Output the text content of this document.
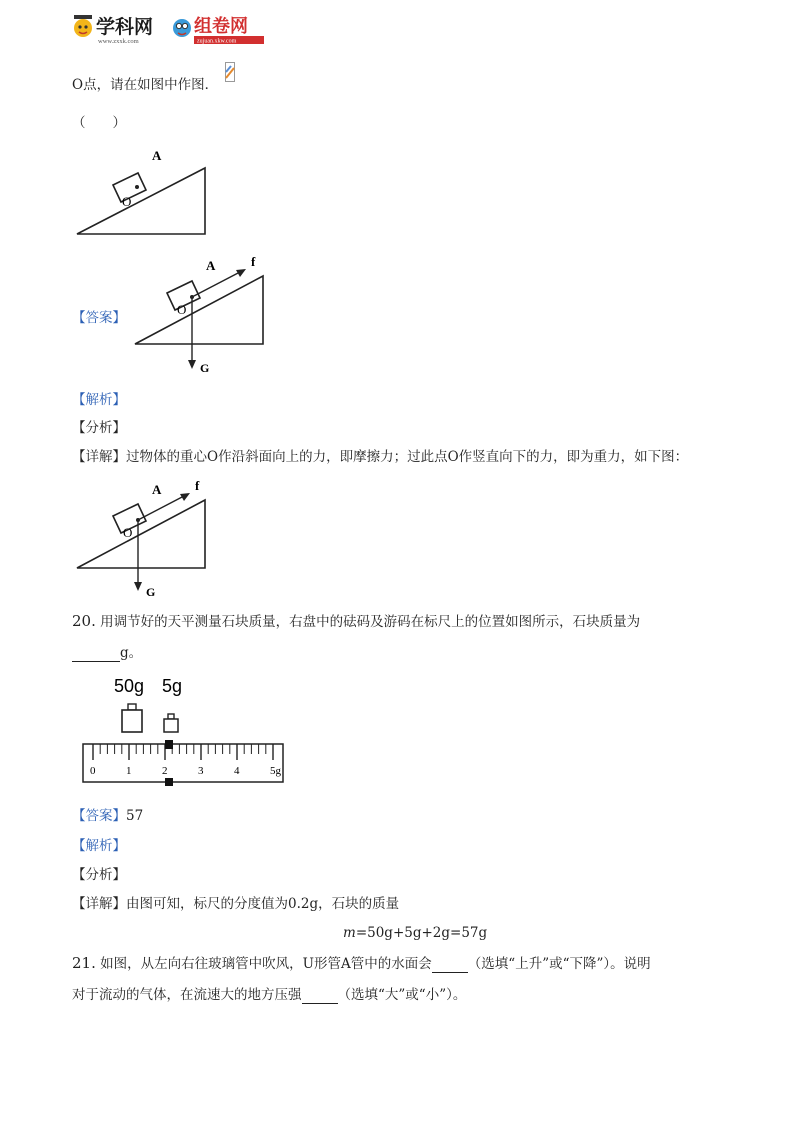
学科网
www.zxxk.com
组卷网
zujuan.xkw.com
O点，请在如图中作图．
（　　）
A
O
【答案】
A	f
O
G
【解析】
【分析】
【详解】过物体的重心O作沿斜面向上的力，即摩擦力；过此点O作竖直向下的力，即为重力，如下图：
A	f
O
G
20. 用调节好的天平测量石块质量，右盘中的砝码及游码在标尺上的位置如图所示，石块质量为
g。
50g 5g
0	1	2	3	4	5g
【答案】57
【解析】
【分析】
【详解】由图可知，标尺的分度值为0.2g，石块的质量
m=50g+5g+2g=57g
21. 如图，从左向右往玻璃管中吹风，U形管A管中的水面会	（选填“上升”或“下降”）。说明
对于流动的气体，在流速大的地方压强	（选填“大”或“小”）。
